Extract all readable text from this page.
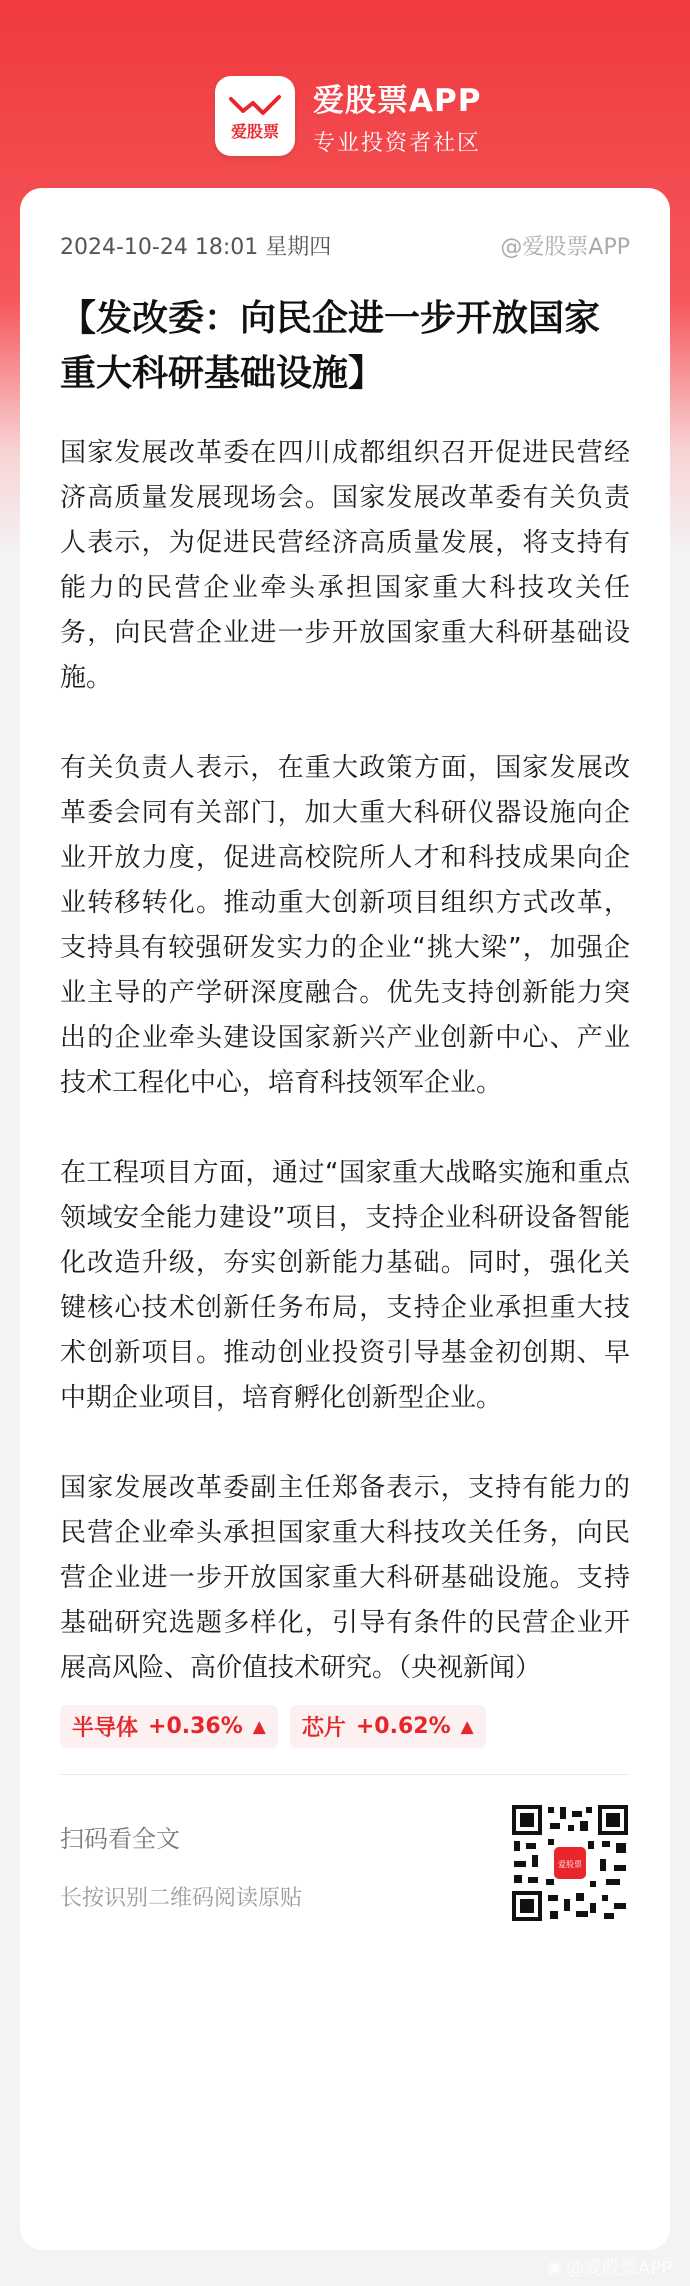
爱股票
爱股票APP
专业投资者社区
2024-10-24 18:01 星期四	@爱股票APP
【发改委：向民企进一步开放国家重大科研基础设施】

国家发展改革委在四川成都组织召开促进民营经济高质量发展现场会。国家发展改革委有关负责人表示，为促进民营经济高质量发展，将支持有能力的民营企业牵头承担国家重大科技攻关任务，向民营企业进一步开放国家重大科研基础设施。

有关负责人表示，在重大政策方面，国家发展改革委会同有关部门，加大重大科研仪器设施向企业开放力度，促进高校院所人才和科技成果向企业转移转化。推动重大创新项目组织方式改革，支持具有较强研发实力的企业“挑大梁”，加强企业主导的产学研深度融合。优先支持创新能力突出的企业牵头建设国家新兴产业创新中心、产业技术工程化中心，培育科技领军企业。

在工程项目方面，通过“国家重大战略实施和重点领域安全能力建设”项目，支持企业科研设备智能化改造升级，夯实创新能力基础。同时，强化关键核心技术创新任务布局，支持企业承担重大技术创新项目。推动创业投资引导基金初创期、早中期企业项目，培育孵化创新型企业。

国家发展改革委副主任郑备表示，支持有能力的民营企业牵头承担国家重大科技攻关任务，向民营企业进一步开放国家重大科研基础设施。支持基础研究选题多样化，引导有条件的民营企业开展高风险、高价值技术研究。（央视新闻）

半导体 +0.36% ▲ 芯片 +0.62% ▲
扫码看全文
长按识别二维码阅读原贴
爱股票
◉ @爱股票APP
